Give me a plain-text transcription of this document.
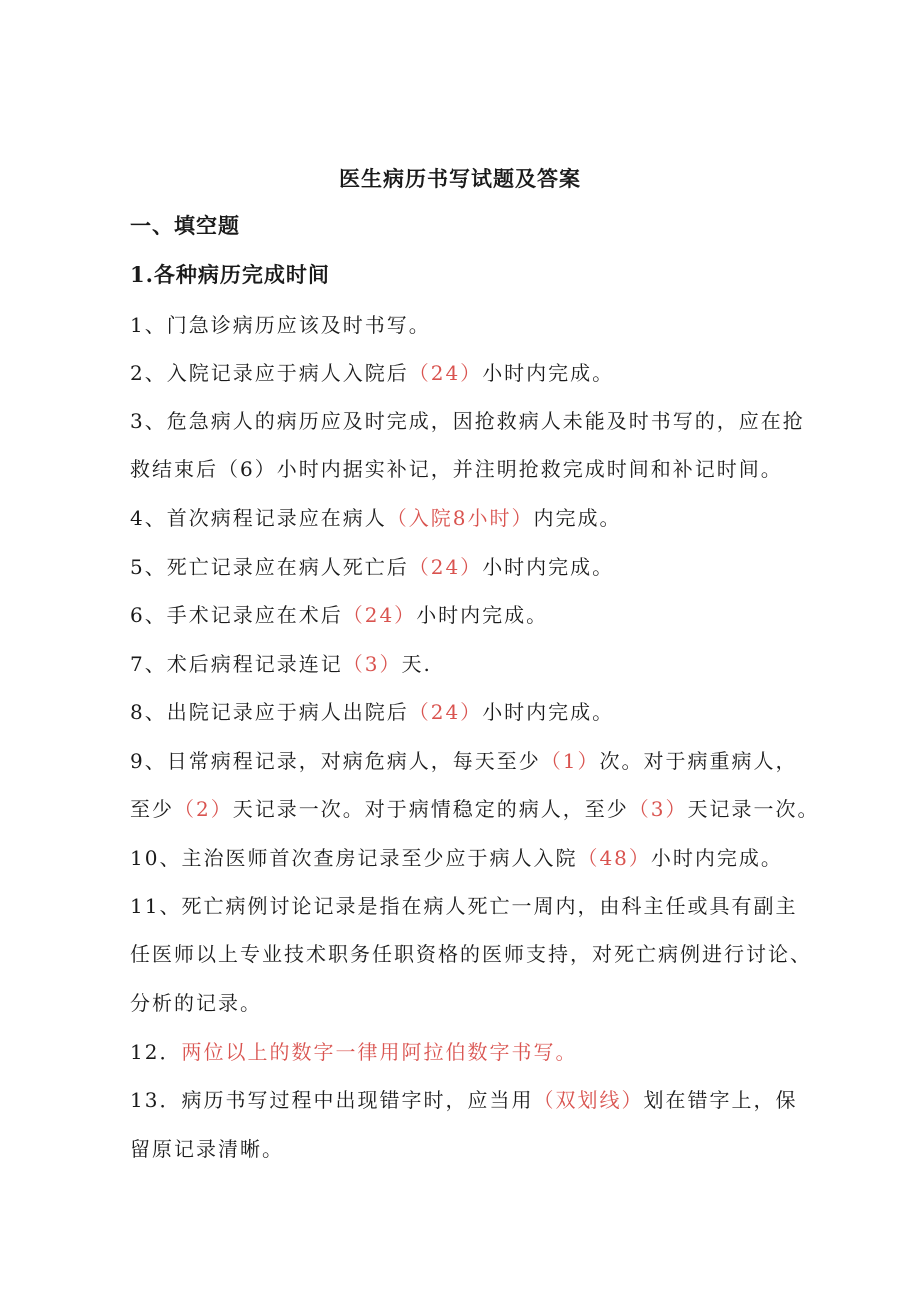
医生病历书写试题及答案
一、填空题
1.各种病历完成时间
1、门急诊病历应该及时书写。
2、入院记录应于病人入院后（24）小时内完成。
3、危急病人的病历应及时完成，因抢救病人未能及时书写的，应在抢
救结束后（6）小时内据实补记，并注明抢救完成时间和补记时间。
4、首次病程记录应在病人（入院8小时）内完成。
5、死亡记录应在病人死亡后（24）小时内完成。
6、手术记录应在术后（24）小时内完成。
7、术后病程记录连记（3）天.
8、出院记录应于病人出院后（24）小时内完成。
9、日常病程记录，对病危病人，每天至少（1）次。对于病重病人，
至少（2）天记录一次。对于病情稳定的病人，至少（3）天记录一次。
10、主治医师首次查房记录至少应于病人入院（48）小时内完成。
11、死亡病例讨论记录是指在病人死亡一周内，由科主任或具有副主
任医师以上专业技术职务任职资格的医师支持，对死亡病例进行讨论、
分析的记录。
12．两位以上的数字一律用阿拉伯数字书写。
13．病历书写过程中出现错字时，应当用（双划线）划在错字上，保
留原记录清晰。
